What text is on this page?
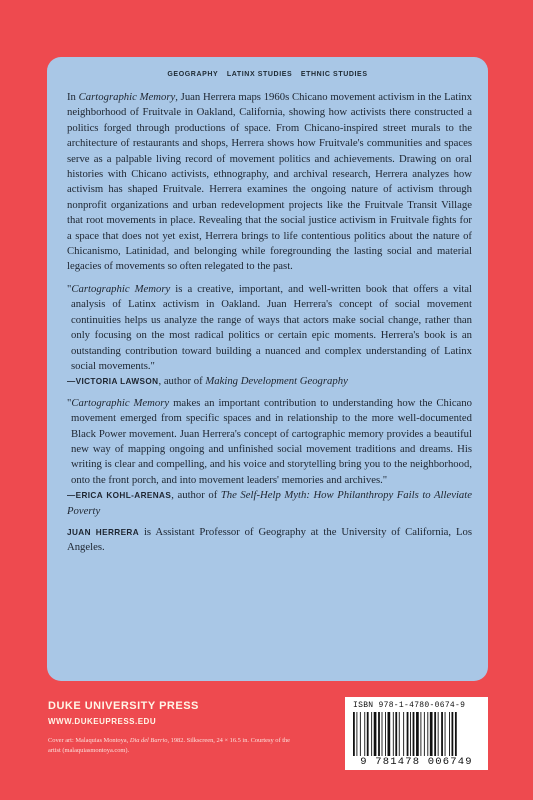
GEOGRAPHY LATINX STUDIES ETHNIC STUDIES

In Cartographic Memory, Juan Herrera maps 1960s Chicano movement activism in the Latinx neighborhood of Fruitvale in Oakland, California, showing how activists there constructed a politics forged through productions of space. From Chicano-inspired street murals to the architecture of restaurants and shops, Herrera shows how Fruitvale's communities and spaces serve as a palpable living record of movement politics and achievements. Drawing on oral histories with Chicano activists, ethnography, and archival research, Herrera analyzes how activism has shaped Fruitvale. Herrera examines the ongoing nature of activism through nonprofit organizations and urban redevelopment projects like the Fruitvale Transit Village that root movements in place. Revealing that the social justice activism in Fruitvale fights for a space that does not yet exist, Herrera brings to life contentious politics about the nature of Chicanismo, Latinidad, and belonging while foregrounding the lasting social and material legacies of movements so often relegated to the past.

"Cartographic Memory is a creative, important, and well-written book that offers a vital analysis of Latinx activism in Oakland. Juan Herrera's concept of social movement continuities helps us analyze the range of ways that actors make social change, rather than only focusing on the most radical politics or certain epic moments. Herrera's book is an outstanding contribution toward building a nuanced and complex understanding of Latinx social movements."
—VICTORIA LAWSON, author of Making Development Geography
"Cartographic Memory makes an important contribution to understanding how the Chicano movement emerged from specific spaces and in relationship to the more well-documented Black Power movement. Juan Herrera's concept of cartographic memory provides a beautiful new way of mapping ongoing and unfinished social movement traditions and dreams. His writing is clear and compelling, and his voice and storytelling bring you to the neighborhood, onto the front porch, and into movement leaders' memories and archives."
—ERICA KOHL-ARENAS, author of The Self-Help Myth: How Philanthropy Fails to Alleviate Poverty

JUAN HERRERA is Assistant Professor of Geography at the University of California, Los Angeles.

DUKE UNIVERSITY PRESS
WWW.DUKEUPRESS.EDU
Cover art: Malaquias Montoya, Dia del Barrio, 1982. Silkscreen, 24 × 16.5 in. Courtesy of the artist (malaquiasmontoya.com).
ISBN 978-1-4780-0674-9
9 781478 006749
